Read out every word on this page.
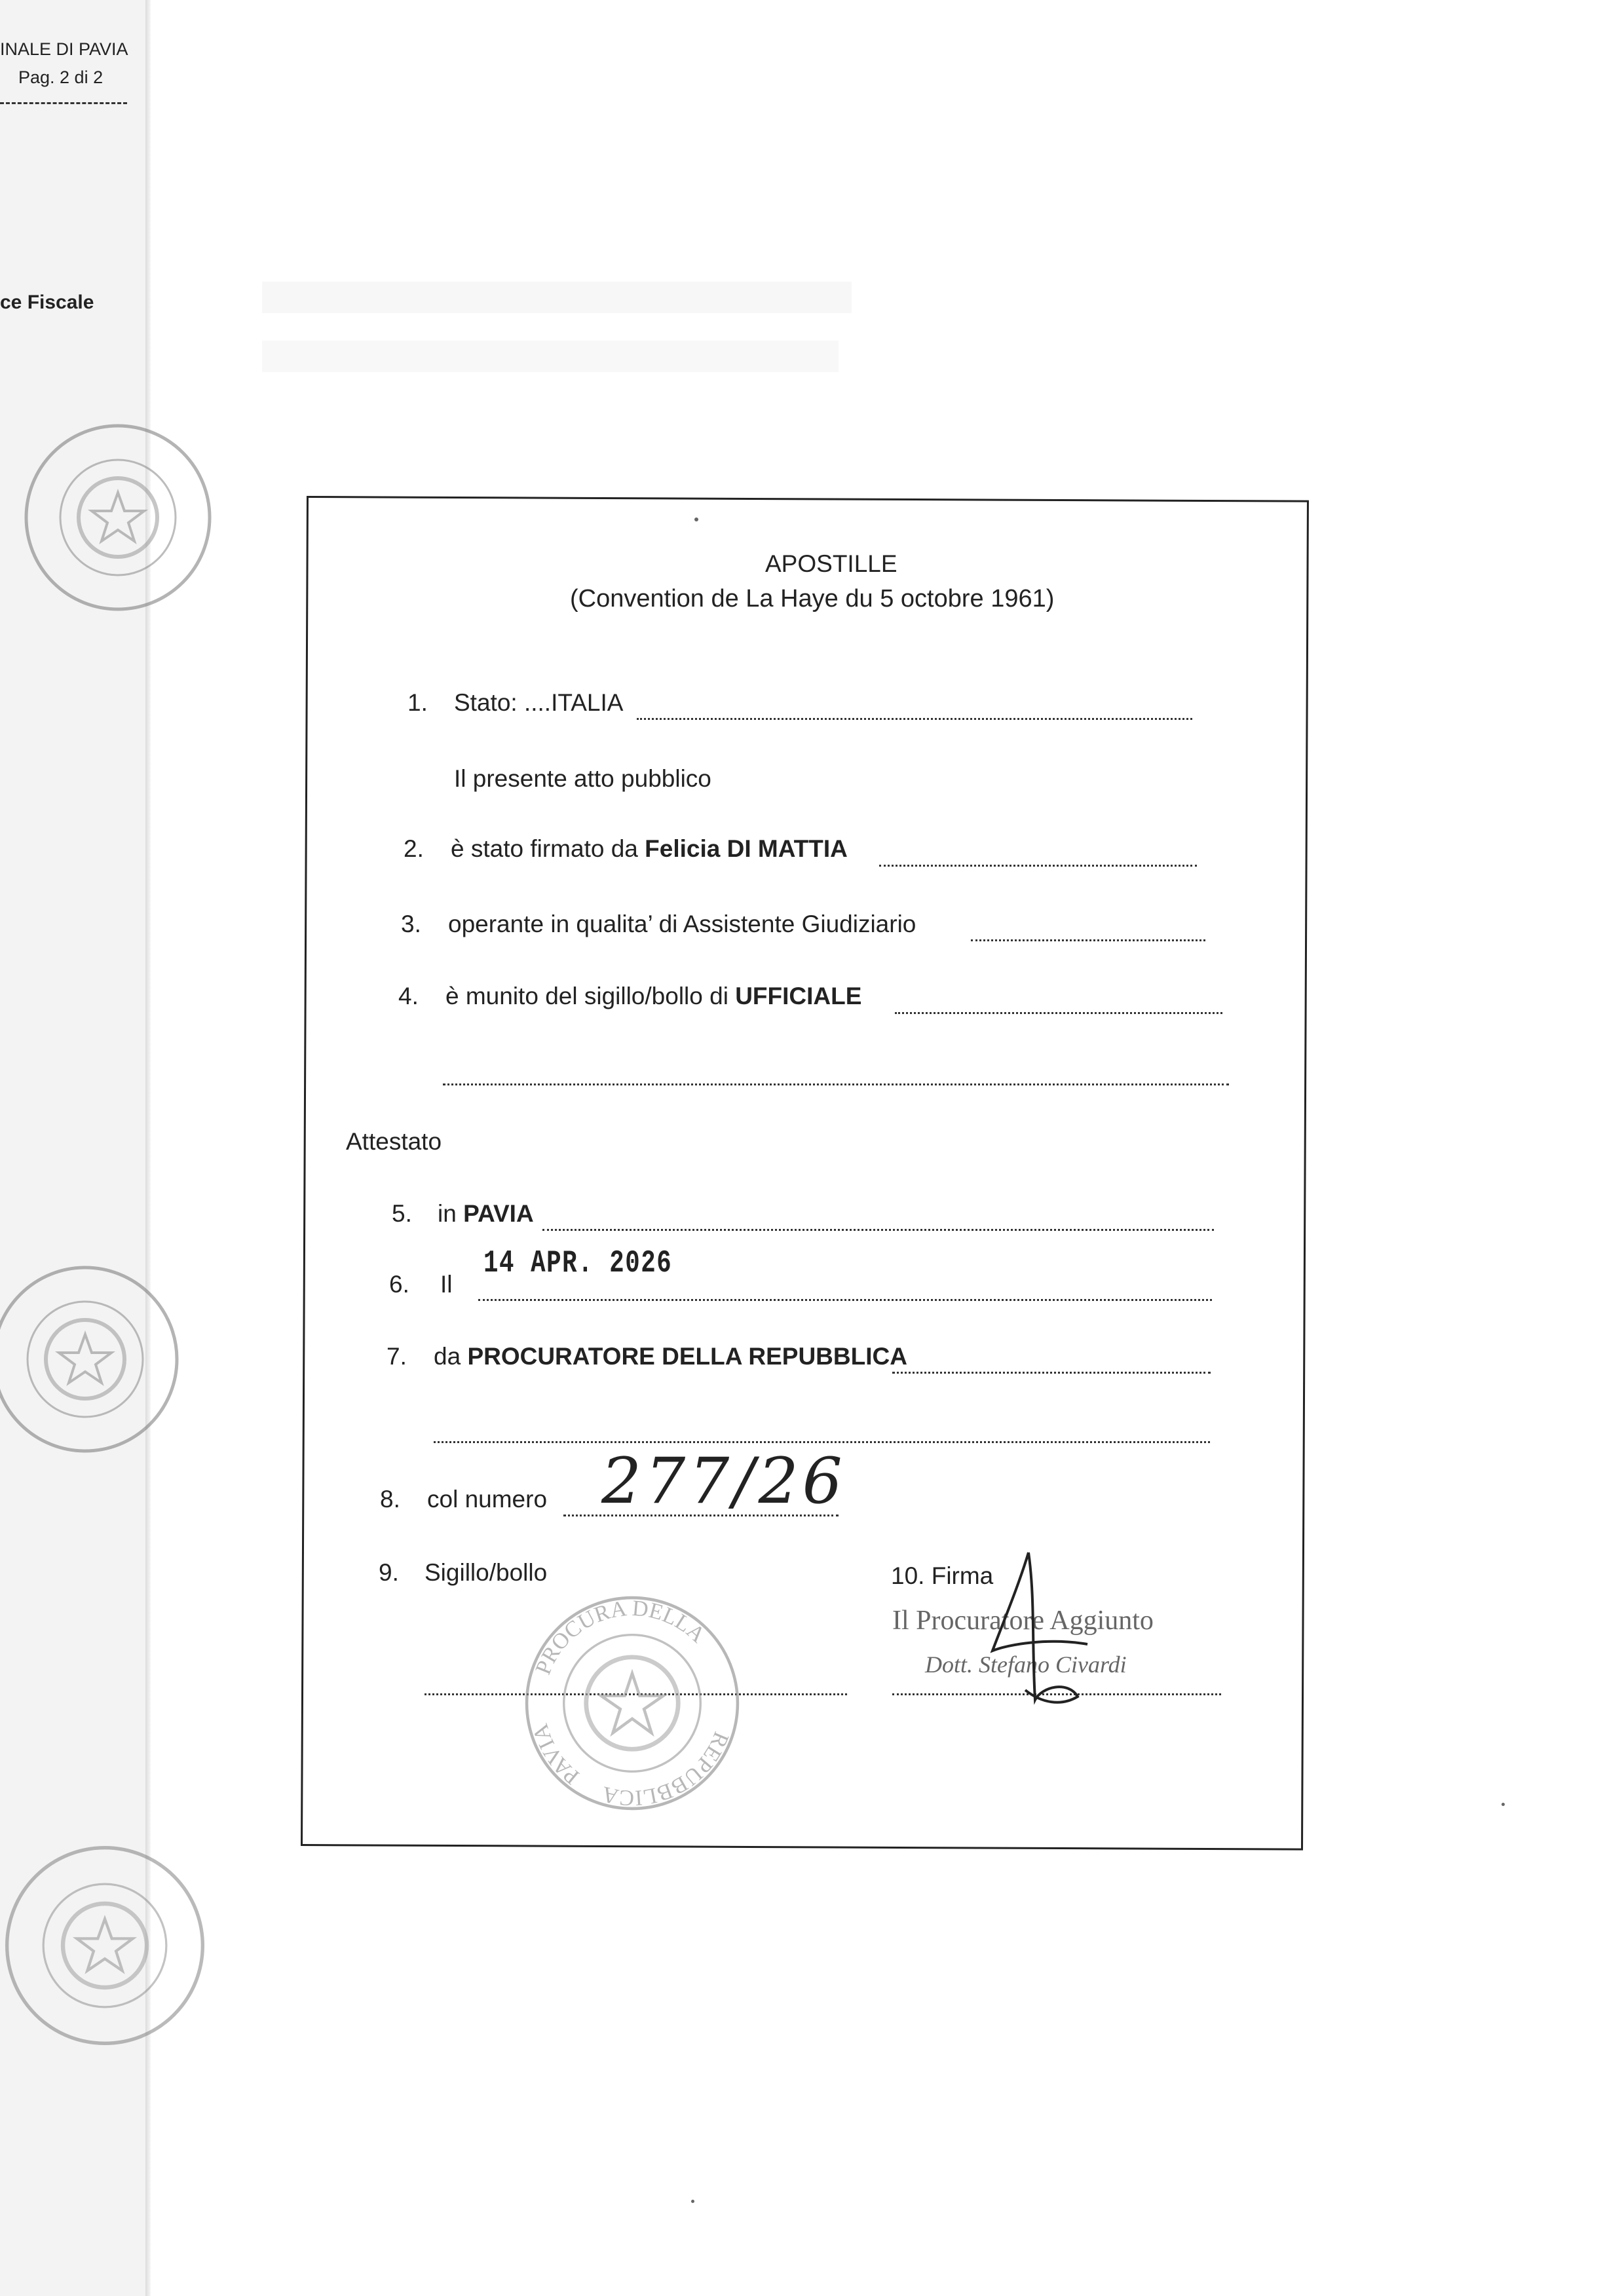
INALE DI PAVIA
Pag. 2 di 2
ce Fiscale
APOSTILLE
(Convention de La Haye du 5 octobre 1961)
1. Stato: ....ITALIA
Il presente atto pubblico
2. è stato firmato da Felicia DI MATTIA
3. operante in qualita’ di Assistente Giudiziario
4. è munito del sigillo/bollo di UFFICIALE
Attestato
5. in PAVIA
6. Il
14 APR. 2026
7. da PROCURATORE DELLA REPUBBLICA
8. col numero 277/26
9. Sigillo/bollo	10. Firma
Il Procuratore Aggiunto
Dott. Stefano Civardi
PROCURA DELLA
REPUBBLICA
PAVIA
